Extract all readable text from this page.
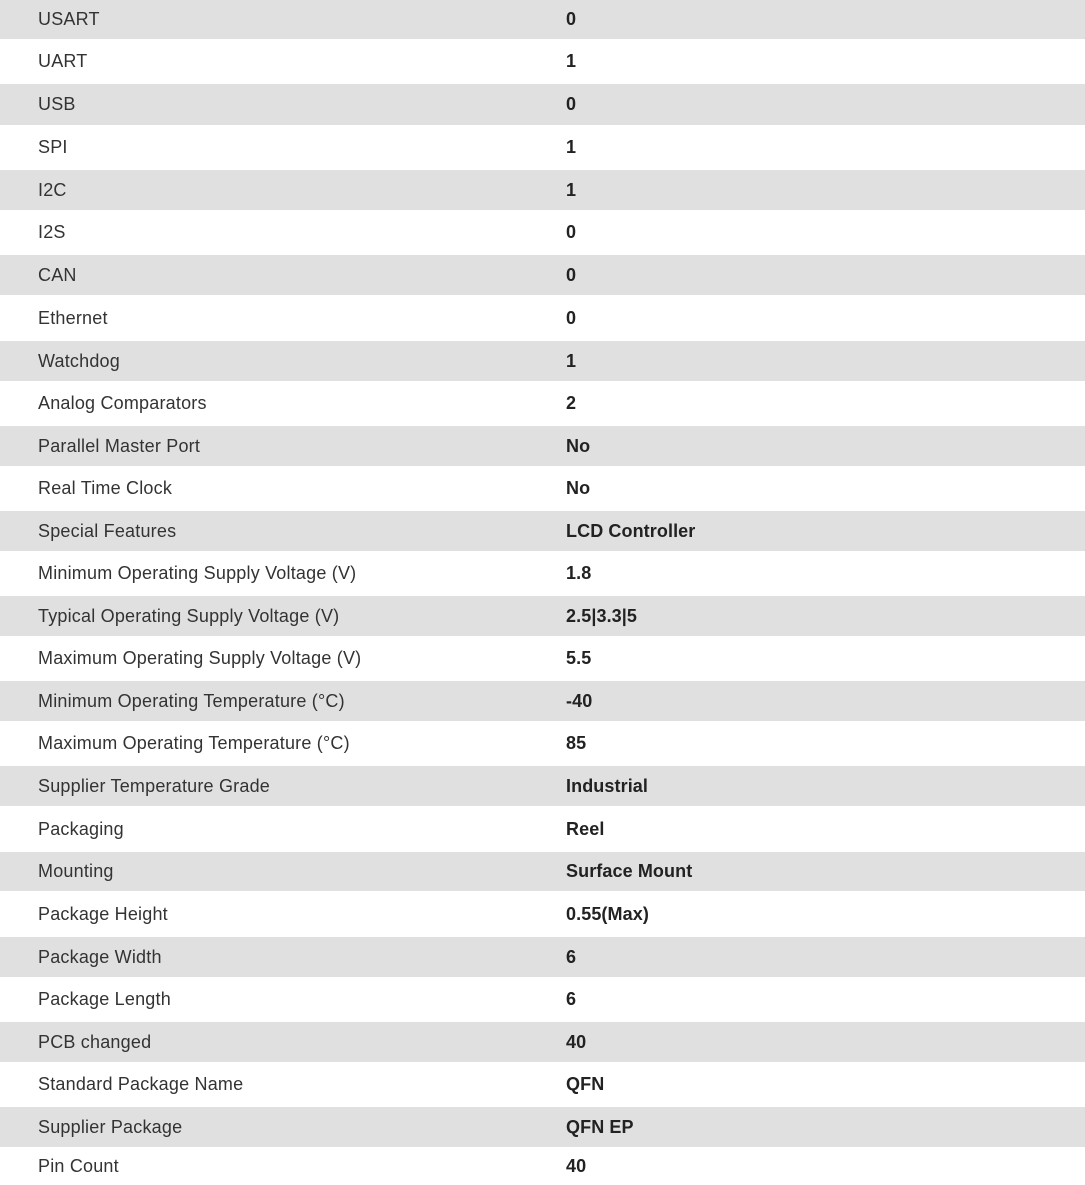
USART	0
UART	1
USB	0
SPI	1
I2C	1
I2S	0
CAN	0
Ethernet	0
Watchdog	1
Analog Comparators	2
Parallel Master Port	No
Real Time Clock	No
Special Features	LCD Controller
Minimum Operating Supply Voltage (V)	1.8
Typical Operating Supply Voltage (V)	2.5|3.3|5
Maximum Operating Supply Voltage (V)	5.5
Minimum Operating Temperature (°C)	-40
Maximum Operating Temperature (°C)	85
Supplier Temperature Grade	Industrial
Packaging	Reel
Mounting	Surface Mount
Package Height	0.55(Max)
Package Width	6
Package Length	6
PCB changed	40
Standard Package Name	QFN
Supplier Package	QFN EP
Pin Count	40
